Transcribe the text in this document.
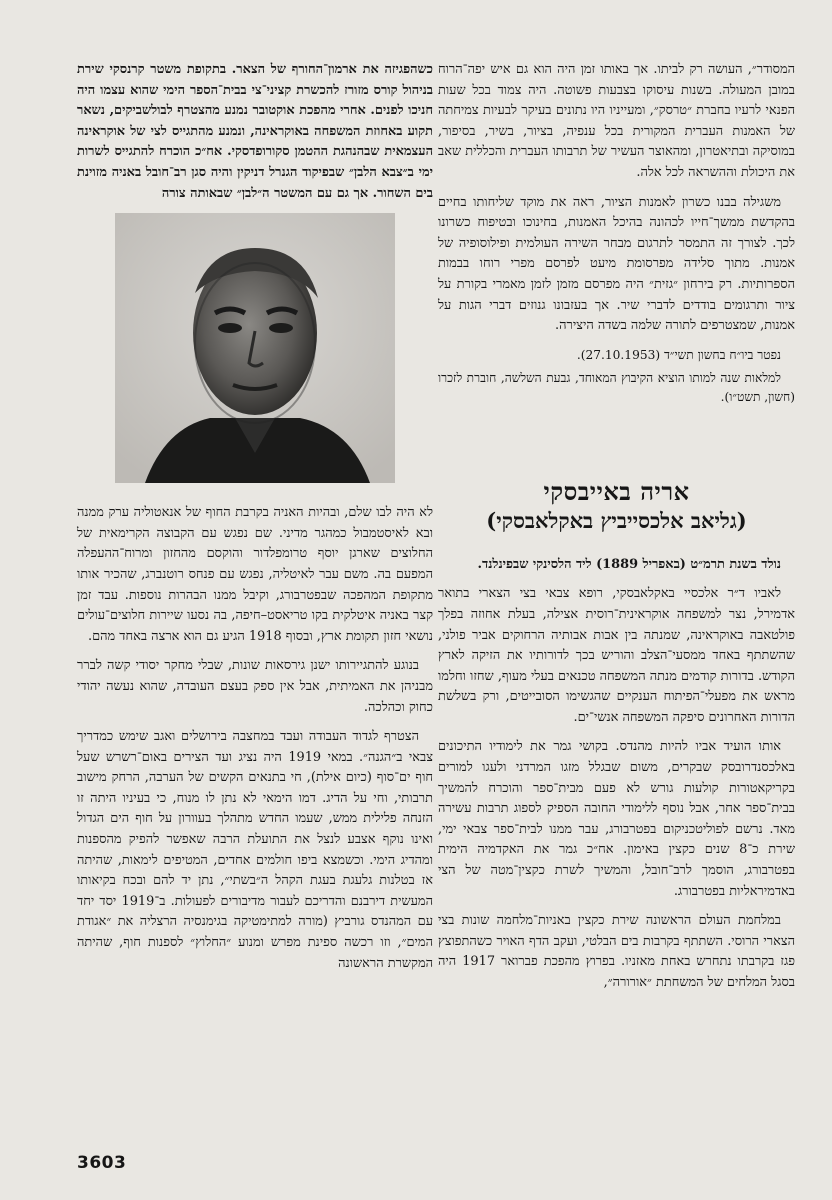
המסודר״, העושה רק לביתו. אך באותו זמן היה הוא גם איש יפה־הרוח במובן המעולה. בשנות עיסוקו בצבעות פשוטה. היה צמוד בכל שעות הפנאי לרעיו בחברת ״טרסק״, ומעייניו היו נתונים בעיקר לבעיות צמיחתה של האמנות העברית המקורית בכל ענפיה, בציור, בשיר, בסיפור, במוסיקה ובתיאטרון, ומהאוצר העשיר של תרבותו העברית והכללית שאב את היכולת וההשראה לכל אלה.

משגילה בבנו כשרון לאמנות הציור, ראה את מוקד שליחותו בחיים בהקדשת ממשך־חייו לכהונה בהיכל האמנות, בחינוכו ובטיפוח כשרונו לכך. לצורך זה התמסר לתרגום מבחר השירה העולמית ופילוסופיה של אמנות. מתוך סלידה מפרסומת מיעט לפרסם מפרי רוחו בבמות הספרותיות. רק בירחון ״גזית״ היה מפרסם מזמן לזמן מאמרי בקורת על ציור ותרגומים בודדים לדברי שיר. אך בעזבונו גנוזים דברי הגות על אמנות, שמצטרפים לתורה שלמה בשדה היצירה.

נפטר ביו״ח בחשון תשי״ד (27.10.1953).

למלאות שנה למותו הוציא הקיבוץ המאוחד, גבעת השלשה, חוברת לזכרו (חשון, תשט״ו).

אריה באייבסקי
(גליאב אלכסייביץ באקלאבסקי)

נולד בשנת תרמ״ט (באפריל 1889) ליד הלסינקי שבפינלנד.

לאביו ד״ר אלכסיי באקלאבסקי, רופא צבאי בצי הצארי בתואר אדמירל, נצר למשפחה אוקראינית־רוסית אצילה, בעלת אחוזה בפלך פולטאבה באוקראינה, שמנתה בין אבות אבותיה הרחוקים אביר פולני, שהשתתף באחד ממסעי־הצלב והוריש בכך לדורותיו את הזיקה לארץ הקודש. בדורות קודמים מנתה המשפחה טכנאים בעלי מעוף, שחזו וחלמו מראש את מפעלי־הפיתוח הענקיים שהגשימו הסובייטים, ורק בשלשת הדורות האחרונים סיפקה המשפחה אנשי־ים.

אותו הועיד אביו להיות מהנדס. בקושי גמר את לימודיו התיכונים באלכסנדרובסק שבקרים, משום שבגלל מזגו המרדני ולעגו למורים בקריקאטורות קולעות גורש לא פעם מבית־ספר והוכרח להמשיך בבית־ספר אחר, אבל נוסף ללימודי החובה הספיק לספוג תרבות עשירה מאד. נרשם לפוליטכניקום בפטרבורג, עבר ממנו לבית־ספר צבאי ימי, שירת כ־8 שנים כקצין באימון. אח״כ גמר את האקדמיה הימית בפטרבורג, הוסמך לרב־חובל, והמשיך לשרת כקצין־מטה של הצי באדמיראליות בפטרבורג.

במלחמת העולם הראשונה שירת כקצין באניות־מלחמה שונות בצי הצארי הרוסי. השתתף בקרבות בים הבלטי, ועקב הדף האויר כשהתפוצץ פגז בקרבתו נתחרש באחת מאזניו. בפרוץ מהפכת פברואר 1917 היה בסגל המלחים של המשחתת ״אורורה״,

כשהפגיזה את ארמון־החורף של הצאר. בתקופת משטר קרנסקי שירת בניהול קורס מזורז להכשרת קציני־צי בבית־הספר הימי שהוא עצמו היה חניכו לפנים. אחרי מהפכת אוקטובר נמנע מהצטרף לבולשביקים, נשאר תקוע באחוזת המשפחה באוקראינה, ונמנע מהתגייס לצי של אוקראינה העצמאית שבהנהגת ההטמן סקורופדסקי. אח״כ הוכרח להתגייס לשרות ימי ב״צבא הלבן״ שבפיקוד הגנרל דניקין והיה סגן רב־חובל באניה מזוינת בים השחור. אך גם עם המשטר ה״לבן״ שבאותה צורה

לא היה לבו שלם, ובהיות האניה בקרבת החוף של אנאטוליה ערק ממנה ובא לאיסטמבול כמהגר מדיני. שם נפגש עם הקבוצה הקרימאית של החלוצים שארגן יוסף טרומפלדור והוקסם מהחזון ומרוח־ההעפלה המפעם בה. משם עבר לאיטליה, נפגש עם פנחס רוטנברג, שהכיר אותו מתקופת המהפכה שבפטרבורג, וקיבל ממנו הבהרות נוספות. עבד זמן קצר באניה איטלקית בקו טריאסט–חיפה, בה נסעו שיירות חלוצים־עולים נושאי חזון תקומת ארץ, ובסוף 1918 הגיע גם הוא ארצה באחד מהם.

בנוגע להתגיירותו ישנן גירסאות שונות, שבלי מחקר יסודי קשה לברר מבניהן את האמיתית, אבל אין ספק בעצם העובדה, שהוא נעשה יהודי כחוק וכהלכה.

הצטרף לגדוד העבודה ועבד במחצבה בירושלים ואגב שימש כמדריך צבאי ב״הגנה״. במאי 1919 היה נציג ועד הצירים באום־רשרש שעל חוף ים־סוף (כיום אילת), חי בתנאים הקשים של הערבה, הרחק מישוב תרבותי, וחי על הדיג. דמו הימאי לא נתן לו מנוח, כי בעיניו היתה זו הזנחה פלילית ממש, שעמו החדש מתהלך בעוורון על חוף הים הגדול ואינו נוקף אצבע לנצל את התועלת הרבה שאפשר להפיק מהספנות ומהדיג הימי. וכשמצא ביפו חולמים אחדים, המטיפים לימאות, שהיתה אז בטלנות גלעגת בעגת הקהל ה״בשתי״, נתן יד להם ובכח בקיאותו המעשית דירבנם והדריכם לעבור מדיבורים לפעולות. ב־1919 יסד יחד עם המהנדס גורביץ (מורה למתימטיקה בגימנסיה הרצליה את ״אגודת המים״, וזו רכשה ספינת מפרש ומנוע ״החלוץ״ לספנות חוף, שהיתה המקשרת הראשונה

3603
